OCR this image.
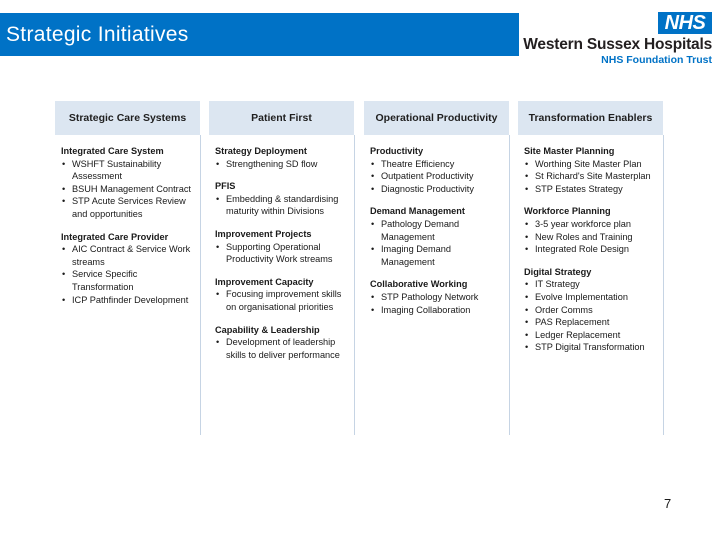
Strategic Initiatives	NHS
Western Sussex Hospitals
NHS Foundation Trust
Strategic Care Systems
Integrated Care System
• WSHFT Sustainability Assessment
• BSUH Management Contract
• STP Acute Services Review and opportunities
Integrated Care Provider
• AIC Contract & Service Work streams
• Service Specific Transformation
• ICP Pathfinder Development
Patient First
Strategy Deployment
• Strengthening SD flow
PFIS
• Embedding & standardising maturity within Divisions
Improvement Projects
• Supporting Operational Productivity Work streams
Improvement Capacity
• Focusing improvement skills on organisational priorities
Capability & Leadership
• Development of leadership skills to deliver performance
Operational Productivity
Productivity
• Theatre Efficiency
• Outpatient Productivity
• Diagnostic Productivity
Demand Management
• Pathology Demand Management
• Imaging Demand Management
Collaborative Working
• STP Pathology Network
• Imaging Collaboration
Transformation Enablers
Site Master Planning
• Worthing Site Master Plan
• St Richard's Site Masterplan
• STP Estates Strategy
Workforce Planning
• 3-5 year workforce plan
• New Roles and Training
• Integrated Role Design
Digital Strategy
• IT Strategy
• Evolve Implementation
• Order Comms
• PAS Replacement
• Ledger Replacement
• STP Digital Transformation
7
